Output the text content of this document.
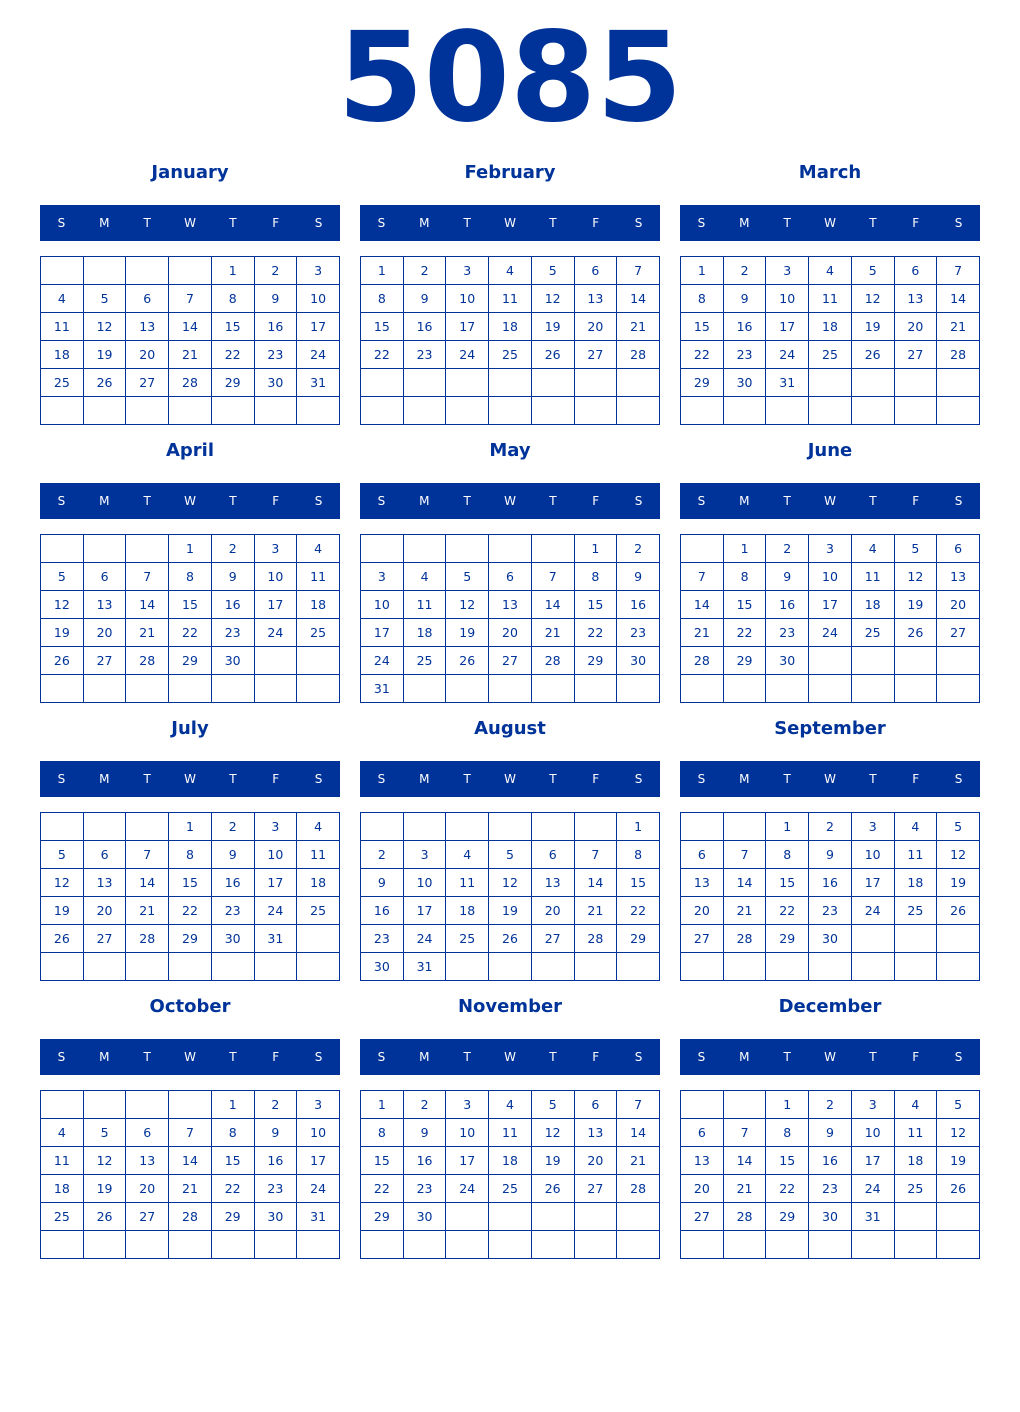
5085
January
S	M	T	W	T	F	S
				1	2	3
4	5	6	7	8	9	10
11	12	13	14	15	16	17
18	19	20	21	22	23	24
25	26	27	28	29	30	31

February
S	M	T	W	T	F	S
1	2	3	4	5	6	7
8	9	10	11	12	13	14
15	16	17	18	19	20	21
22	23	24	25	26	27	28

March
S	M	T	W	T	F	S
1	2	3	4	5	6	7
8	9	10	11	12	13	14
15	16	17	18	19	20	21
22	23	24	25	26	27	28
29	30	31				

April
S	M	T	W	T	F	S
			1	2	3	4
5	6	7	8	9	10	11
12	13	14	15	16	17	18
19	20	21	22	23	24	25
26	27	28	29	30		

May
S	M	T	W	T	F	S
					1	2
3	4	5	6	7	8	9
10	11	12	13	14	15	16
17	18	19	20	21	22	23
24	25	26	27	28	29	30
31						
June
S	M	T	W	T	F	S
	1	2	3	4	5	6
7	8	9	10	11	12	13
14	15	16	17	18	19	20
21	22	23	24	25	26	27
28	29	30				

July
S	M	T	W	T	F	S
			1	2	3	4
5	6	7	8	9	10	11
12	13	14	15	16	17	18
19	20	21	22	23	24	25
26	27	28	29	30	31	

August
S	M	T	W	T	F	S
						1
2	3	4	5	6	7	8
9	10	11	12	13	14	15
16	17	18	19	20	21	22
23	24	25	26	27	28	29
30	31					
September
S	M	T	W	T	F	S
		1	2	3	4	5
6	7	8	9	10	11	12
13	14	15	16	17	18	19
20	21	22	23	24	25	26
27	28	29	30			

October
S	M	T	W	T	F	S
				1	2	3
4	5	6	7	8	9	10
11	12	13	14	15	16	17
18	19	20	21	22	23	24
25	26	27	28	29	30	31

November
S	M	T	W	T	F	S
1	2	3	4	5	6	7
8	9	10	11	12	13	14
15	16	17	18	19	20	21
22	23	24	25	26	27	28
29	30					

December
S	M	T	W	T	F	S
		1	2	3	4	5
6	7	8	9	10	11	12
13	14	15	16	17	18	19
20	21	22	23	24	25	26
27	28	29	30	31		
